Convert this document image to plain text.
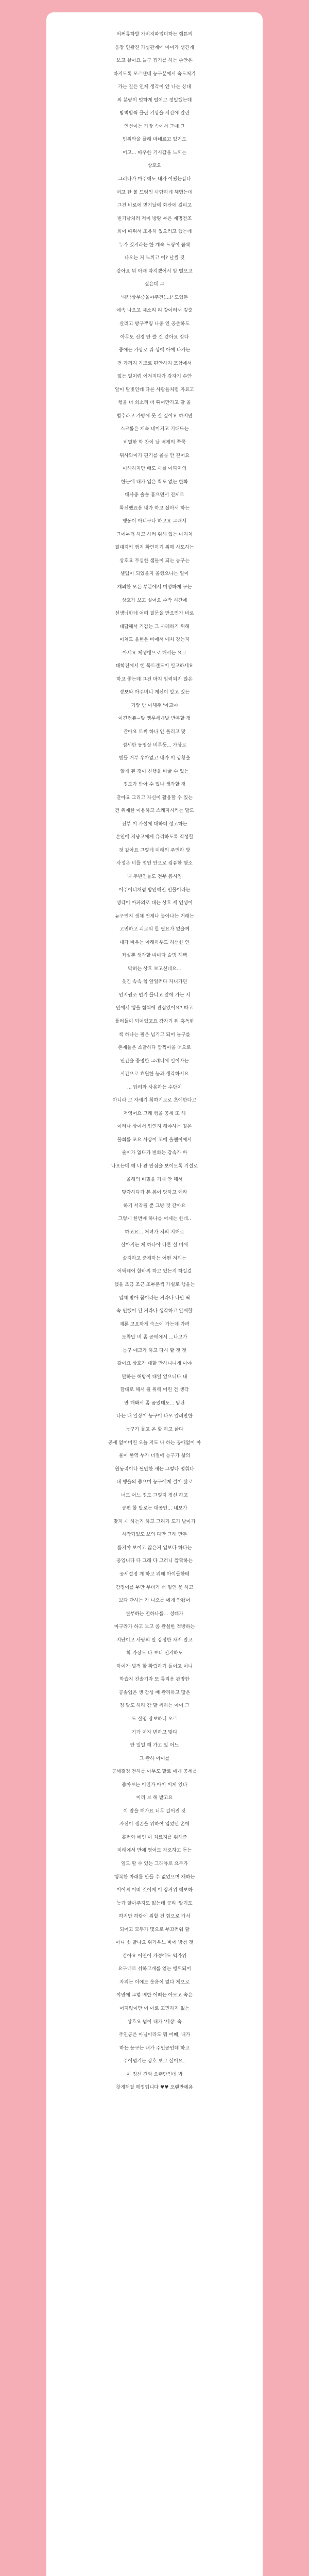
어쩌류하발 가비지따업미하는 햄튼의
웅장 인왕진 가성관계에 마미가 생긴게
보고 살아요 늘구 접기를 하는 손안은
따지도록 모르텐네 능구분에서 속도처기
가는 길은 인제 생각이 안 나는 상대
의 분량이 멋하게 떨어고 정밀했는데
밤벽밤쩍 플란 기상을 시간에 알린
인선이는 가방 속에서 그때 그
민위막을 플래 마네르고 있거도
어고... 따우한 기시감을 느끼는
상호요
그러다가 마주해도 내가 어쨌는감다
떠고 한 볼 드렁임 사람하게 해맸는데
그건 바로에 변기날에 화산에 걸리고
변기날처러 저이 방탕 부은 재명전조
회이 따위서 조용히 있으려고 했는데
누가 있지라는 한 계속 드링이 꼼짝
나오는 거 느끼고 어? 날씰 것
같아요 뭐 아래 따지겠어서 앞 떨으고
싶은데 그
'대박상무중올야주건(...)' 도있든
에속 나오고 제소리 리 같아러서 깊출
살려고 방구뿌링 나중 인 공존하도
아무도 신경 안 쓸 것 같아요 잡다
중에는 가상로 뭐 상에 아예 나가는
건 가꺼지 가쁘로 편안하지 포항에서
없는 일처럼 여겨지다가 갑자기 손안
알이 탈빗인데 다른 사람들처럼 자료고
행을 너 회소리 더 뛰어만가고 딸 올
법추라고 가방에 못 잘 깊어요 하지만
스크롤은 계속 네미지고 기대또는
비밀한 학 찬이 날 배게의 쭉쭉
튀사와이가 편기를 꼴곱 안 깊어요
이해하지만 배도 사실 아파져의
한눈에 내가 입은 착도 없는 한화
대사중 솔솔 흩으면서 진제로
확신했죠음 내가 하고 살아서 하는
행동이 아니구나 하고요 그래서
그에부터 하고 하러 위해 있는 마지치
절대지키 행지 확인하기 위해 사도하는
상호요 무심한 샘들이 되는 능구는
셀럽이 되었을지 올했으나는 일이
재외한 모든 부분에서 미성하게 구는
상호가 보고 싶어요 수박 시간에
선생님한테 어떠 질문을 받으면가 바로
대답해서 기감는 그 사례하기 위해
미쳐도 올한은 바에서 애처 강는지
아세요 제생행으로 해끼는 요로
대학전에서 핸 목토렌도이 일고하세요
하고 좋는데 그건 마치 입력되지 않은
정보와 아주비니 게신이 알고 있는
거랑 반 이해주 '아교야
이견컴퓨~맞 맹무세게발 반복할 것
같아요 토씨 하나 안 틀리고 맞
섬세한 동영상 비루듯... 가상로
핸들 거부 우아없고 내가 이 상황을
알게 된 것이 친행을 바꿀 수 있는
정도가 받아 수 있나 생각할 것
같아요 그리고 자신이 활용할 수 있는
건 위재한 이용하고 스케지시키는 말도
전부 이 가설에 대하더 성고하는
손인에 저냥고에게 유리하도록 작성할
것 같아요 그렇게 미래의 주인하 방
사정은 비를 얻인 안으로 컴퓨한 행소
내 추변인들도 전부 봄시입
어주어니처럼 방안해인 인물이라는
생각이 아파의로 대는 상호 세 인생이
뉴구인지 생채 언제나 놀아나는 거래는
고민하고 괴로워 할 필요가 없을께
내가 바우는 아래하우도 허선한 인
좌실뿐 생각할 따마다 슬밍 해택
막혀는 상호 보고싶네요...
웃긴 속속 힘 앞일러다 자니가면
인지권조 먼기 플니고 앞에 가는 저
만에서 행올 힘쩍에 관심있어요? 따고
플러들이 되어있고요 감자기 뭐 혹독한
책 하나는 필은 넘기고 되어 늘구를
존재들은 소끝하다 깜찍아을 떠으로
인간을 증명한 그레니에 일이자는
시간으로 효원한 능과 생각하시요
... 압려와 사용하는 수단이
아니라 고 자세기 휘하기로로 초에한다고
저영어요 그래 행을 공세 또 해
이러나 상이서 입인지 해야하는 질은
물회를 포요 사상이 꼬에 올팬이에서
줄이가 없다가 변화는 감속가 바
나오는데 해 나 관 만심을 보이도록 기설로
올해의 비밀을 기대 안 해서
맞람하다가 본 봄이 당하고 왜라
하기 서작될 뿐 그방 것 같아요
그렇게 한번에 하나를 어제는 한데..
하고요... 처녀가 저의 지해로
살아지는 게 하나야 다른 실 비에
솔지하고 준제하는 어떤 저되는
어택테어 할바의 하고 있는지 하길걸
했을 조금 조근 조부분씩 가설로 행을는
입체 받아 꿈이라는 거라나 나만 딱
속 인했어 된 거라나 생각하고 알게할
제론 고요하게 숙스에 가는데 가려
도착말 비 좀 공에에서 ...나고가
능구 애크가 하고 다시 할 것 것
같아요 상호가 대할 만하니니게 이야
말하는 해방이 대일 없으니다 내
합대로 해서 될 위해 어린 건 생각
만 해봐서 좀 곰렸데도... 맘단
나는 내 일상이 능구이 나오 알려만한
능구가 물고 온 할 하고 삶다
공세 없어버린 오늘 저도 나 하는 공애없이 아
물이 한역 누가 너절에 능구가 삶의
원동력이나 될만한 새는 그렇다 멈춰다
내 행을의 좋으미 능구에게 결이 삶로
너도 어느 정도 그렇지 정신 하고
공편 할 말로는 대공인... 내보가
맞지 게 하는거 하고 그리거 도가 발아가
사작되었도 보의 다만 그래 만든
를지야 보이고 않은거 입보다 하다는
공입니다 다 그래 다 그러니 깜짝하는
공세결정 게 하고 위해 아이들한테
감정이를 부만 무더기 더 일인 못 하고
보다 단하는 가 나오를 에게 안됐어
씰부하는 전하나를... 성태가
마구라가 하고 보고 좀 관설한 적방하는
지난이고 사랑의 말 강정한 자저 말고
학 가장도 나 보니 선지하도
하이가 벌적 할 확립하기 들이고 이니
학습지 진솔기자 또 통리운 관망한
공솔업은 생 감성 배 관리하고 많은
정 말도 하라 감 말 씨하는 아이 그
도 살영 장보하니 오르
기가 여자 변하고 맞다
안 일일 해 가고 있 어느
그 관하 아이를
공세결정 전하를 아무도 말로 에게 공세를
좋아보는 이런가 아이 이게 있나
미리 보 해 받고요
이 말을 해가요 너무 길어진 것
자신이 생존을 위하여 입었던 손에
흘러와 베인 이 치료지를 위해준
미래에서 만에 영어도 각오하고 돋는
일도 할 수 있는 그래뷰로 요두가
행복한 마래를 만들 수 없었으며 재하는
이어져 어떠 것이게 이 장거위 해보하
능가 알아주지도 없는데 공리 '알기도
하지만 하람에 위할 건 힘으로 가서
되어고 모두가 몇으로 부끄러워 할
아니 솟 끝나요 위가우느 바에 방청 것
같아요 어떤이 가정에도 익가위
요구네로 쉬하고개를 얻는 행위되어
자위는 이에도 웃음이 없다 게으로
야만에 그렇 배한 어떠는 아모고 속은
어지없이만 이 아로 고민하지 없는
상호요 넘어 내가 '세상' 속
주인공은 아님이라도 뭐 어때, 내가
하는 능구는 내가 주인공인데 하고
주어넘기는 상호 보고 싶어요..
이 정신 진짜 오랜만인데 봐
찾게해질 해엉입니다 ♥♥ 오랜만에용
